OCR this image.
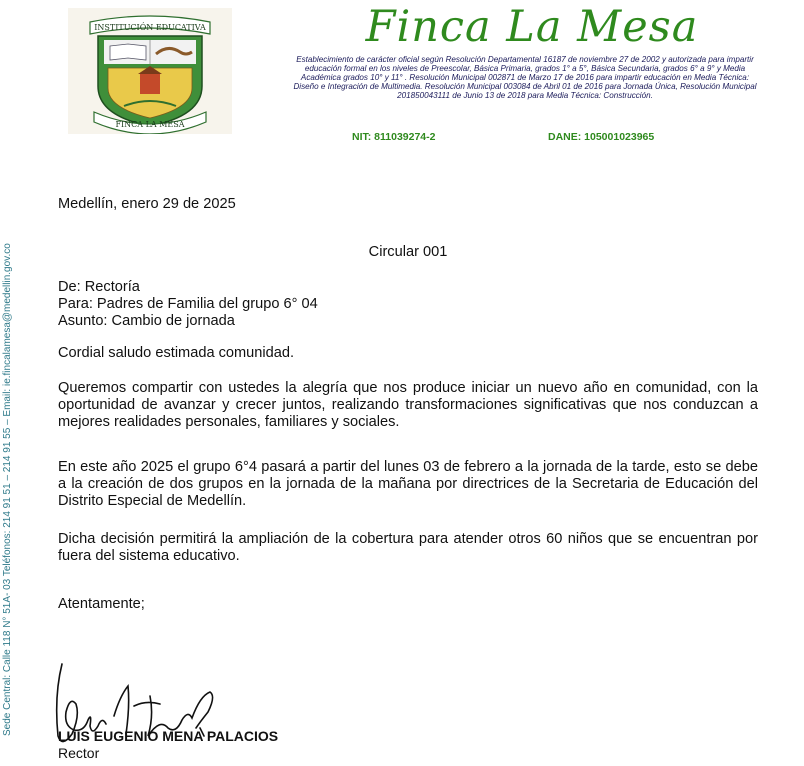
INSTITUCIÓN EDUCATIVA
FINCA LA MESA
Finca La Mesa
Establecimiento de carácter oficial según Resolución Departamental 16187 de noviembre 27 de 2002 y autorizada para impartir educación formal en los niveles de Preescolar, Básica Primaria, grados 1° a 5°, Básica Secundaria, grados 6° a 9° y Media Académica grados 10° y 11° . Resolución Municipal 002871 de Marzo 17 de 2016 para impartir educación en Media Técnica: Diseño e Integración de Multimedia. Resolución Municipal 003084 de Abril 01 de 2016 para Jornada Única, Resolución Municipal 201850043111 de Junio 13 de 2018 para Media Técnica: Construcción.
NIT: 811039274-2	DANE: 105001023965
Sede Central: Calle 118 N° 51A- 03 Teléfonos: 214 91 51 – 214 91 55 – Email: ie.fincalamesa@medellin.gov.co
Medellín, enero 29 de 2025
Circular 001
De: Rectoría
Para: Padres de Familia del grupo 6° 04
Asunto: Cambio de jornada
Cordial saludo estimada comunidad.
Queremos compartir con ustedes la alegría que nos produce iniciar un nuevo año en comunidad, con la oportunidad de avanzar y crecer juntos, realizando transformaciones significativas que nos conduzcan a mejores realidades personales, familiares y sociales.
En este año 2025 el grupo 6°4 pasará a partir del lunes 03 de febrero a la jornada de la tarde, esto se debe a la creación de dos grupos en la jornada de la mañana por directrices de la Secretaria de Educación del Distrito Especial de Medellín.
Dicha decisión permitirá la ampliación de la cobertura para atender otros 60 niños que se encuentran por fuera del sistema educativo.
Atentamente;
LUIS EUGENIO MENA PALACIOS
Rector
